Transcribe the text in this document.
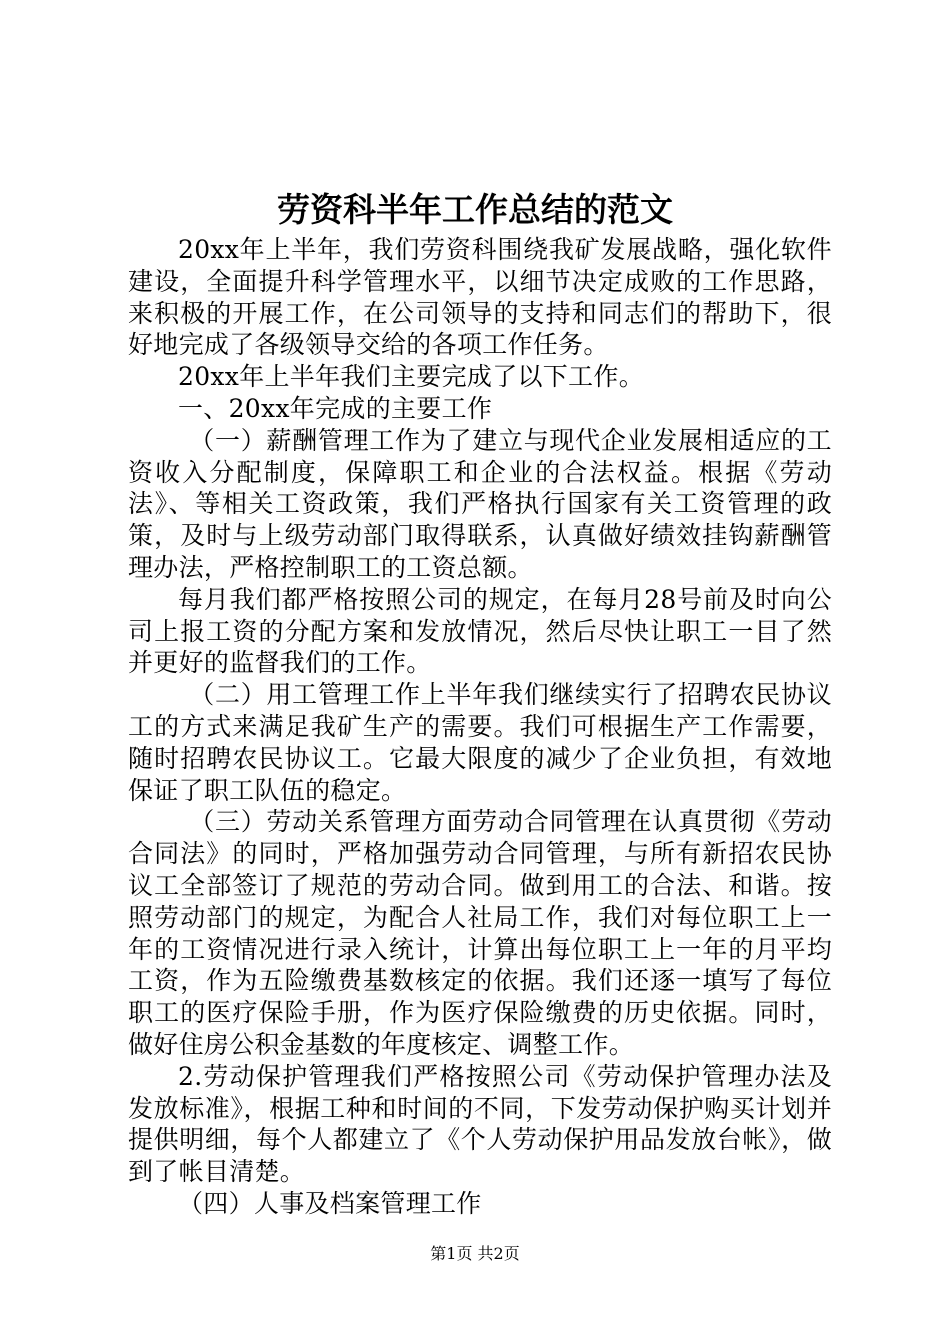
劳资科半年工作总结的范文

20xx年上半年，我们劳资科围绕我矿发展战略，强化软件建设，全面提升科学管理水平，以细节决定成败的工作思路，来积极的开展工作，在公司领导的支持和同志们的帮助下，很好地完成了各级领导交给的各项工作任务。

20xx年上半年我们主要完成了以下工作。

一、20xx年完成的主要工作

（一）薪酬管理工作为了建立与现代企业发展相适应的工资收入分配制度，保障职工和企业的合法权益。根据《劳动法》、等相关工资政策，我们严格执行国家有关工资管理的政策，及时与上级劳动部门取得联系，认真做好绩效挂钩薪酬管理办法，严格控制职工的工资总额。

每月我们都严格按照公司的规定，在每月28号前及时向公司上报工资的分配方案和发放情况，然后尽快让职工一目了然并更好的监督我们的工作。

（二）用工管理工作上半年我们继续实行了招聘农民协议工的方式来满足我矿生产的需要。我们可根据生产工作需要，随时招聘农民协议工。它最大限度的减少了企业负担，有效地保证了职工队伍的稳定。

（三）劳动关系管理方面劳动合同管理在认真贯彻《劳动合同法》的同时，严格加强劳动合同管理，与所有新招农民协议工全部签订了规范的劳动合同。做到用工的合法、和谐。按照劳动部门的规定，为配合人社局工作，我们对每位职工上一年的工资情况进行录入统计，计算出每位职工上一年的月平均工资，作为五险缴费基数核定的依据。我们还逐一填写了每位职工的医疗保险手册，作为医疗保险缴费的历史依据。同时，做好住房公积金基数的年度核定、调整工作。

2.劳动保护管理我们严格按照公司《劳动保护管理办法及发放标准》，根据工种和时间的不同，下发劳动保护购买计划并提供明细，每个人都建立了《个人劳动保护用品发放台帐》，做到了帐目清楚。

（四）人事及档案管理工作

第1页 共2页
